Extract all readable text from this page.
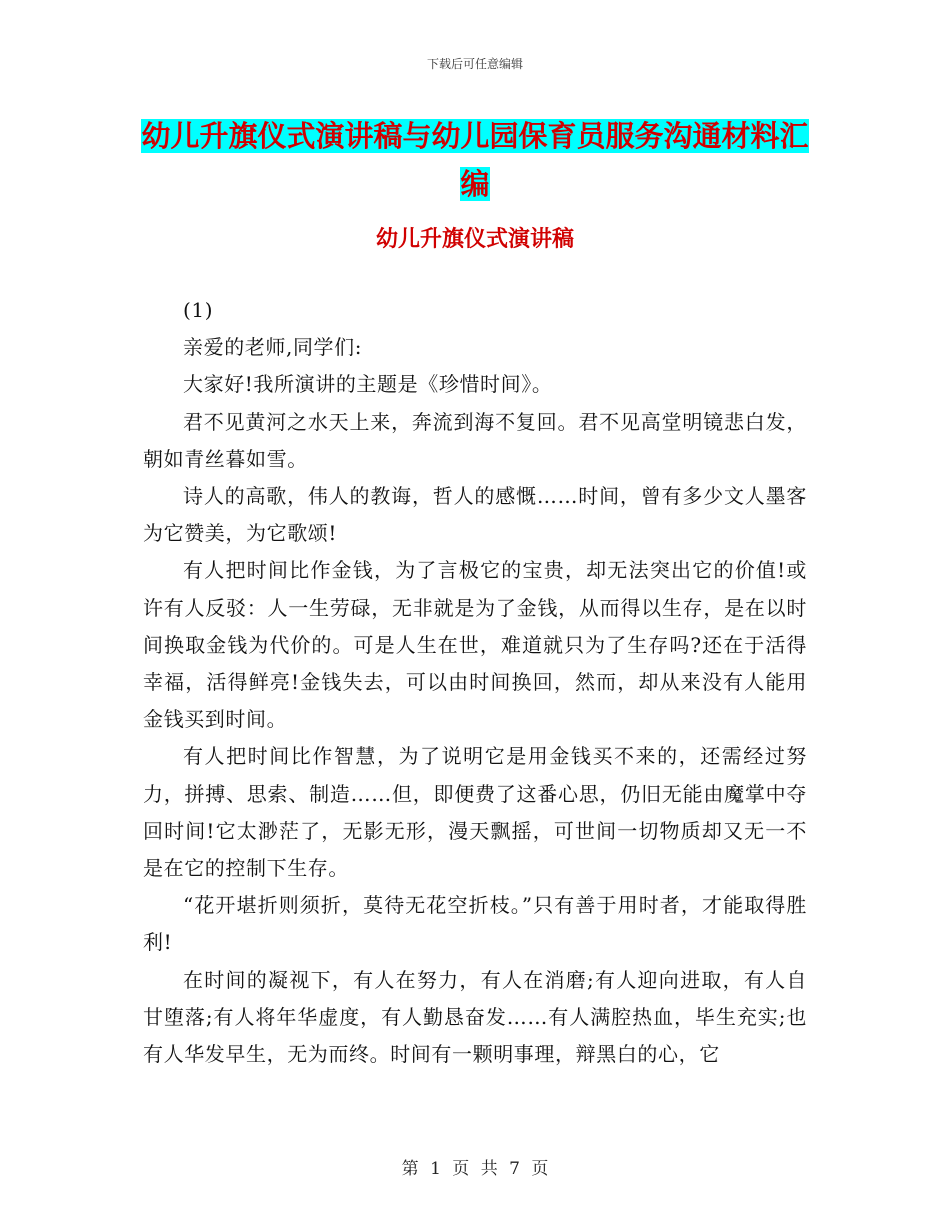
下载后可任意编辑
幼儿升旗仪式演讲稿与幼儿园保育员服务沟通材料汇编
幼儿升旗仪式演讲稿

(1)

亲爱的老师,同学们:

大家好!我所演讲的主题是《珍惜时间》。

君不见黄河之水天上来，奔流到海不复回。君不见高堂明镜悲白发，朝如青丝暮如雪。

诗人的高歌，伟人的教诲，哲人的感慨……时间，曾有多少文人墨客为它赞美，为它歌颂!

有人把时间比作金钱，为了言极它的宝贵，却无法突出它的价值!或许有人反驳：人一生劳碌，无非就是为了金钱，从而得以生存，是在以时间换取金钱为代价的。可是人生在世，难道就只为了生存吗?还在于活得幸福，活得鲜亮!金钱失去，可以由时间换回，然而，却从来没有人能用金钱买到时间。

有人把时间比作智慧，为了说明它是用金钱买不来的，还需经过努力，拼搏、思索、制造……但，即便费了这番心思，仍旧无能由魔掌中夺回时间!它太渺茫了，无影无形，漫天飘摇，可世间一切物质却又无一不是在它的控制下生存。

“花开堪折则须折，莫待无花空折枝。”只有善于用时者，才能取得胜利!

在时间的凝视下，有人在努力，有人在消磨;有人迎向进取，有人自甘堕落;有人将年华虚度，有人勤恳奋发……有人满腔热血，毕生充实;也有人华发早生，无为而终。时间有一颗明事理，辩黑白的心，它

第 1 页 共 7 页
